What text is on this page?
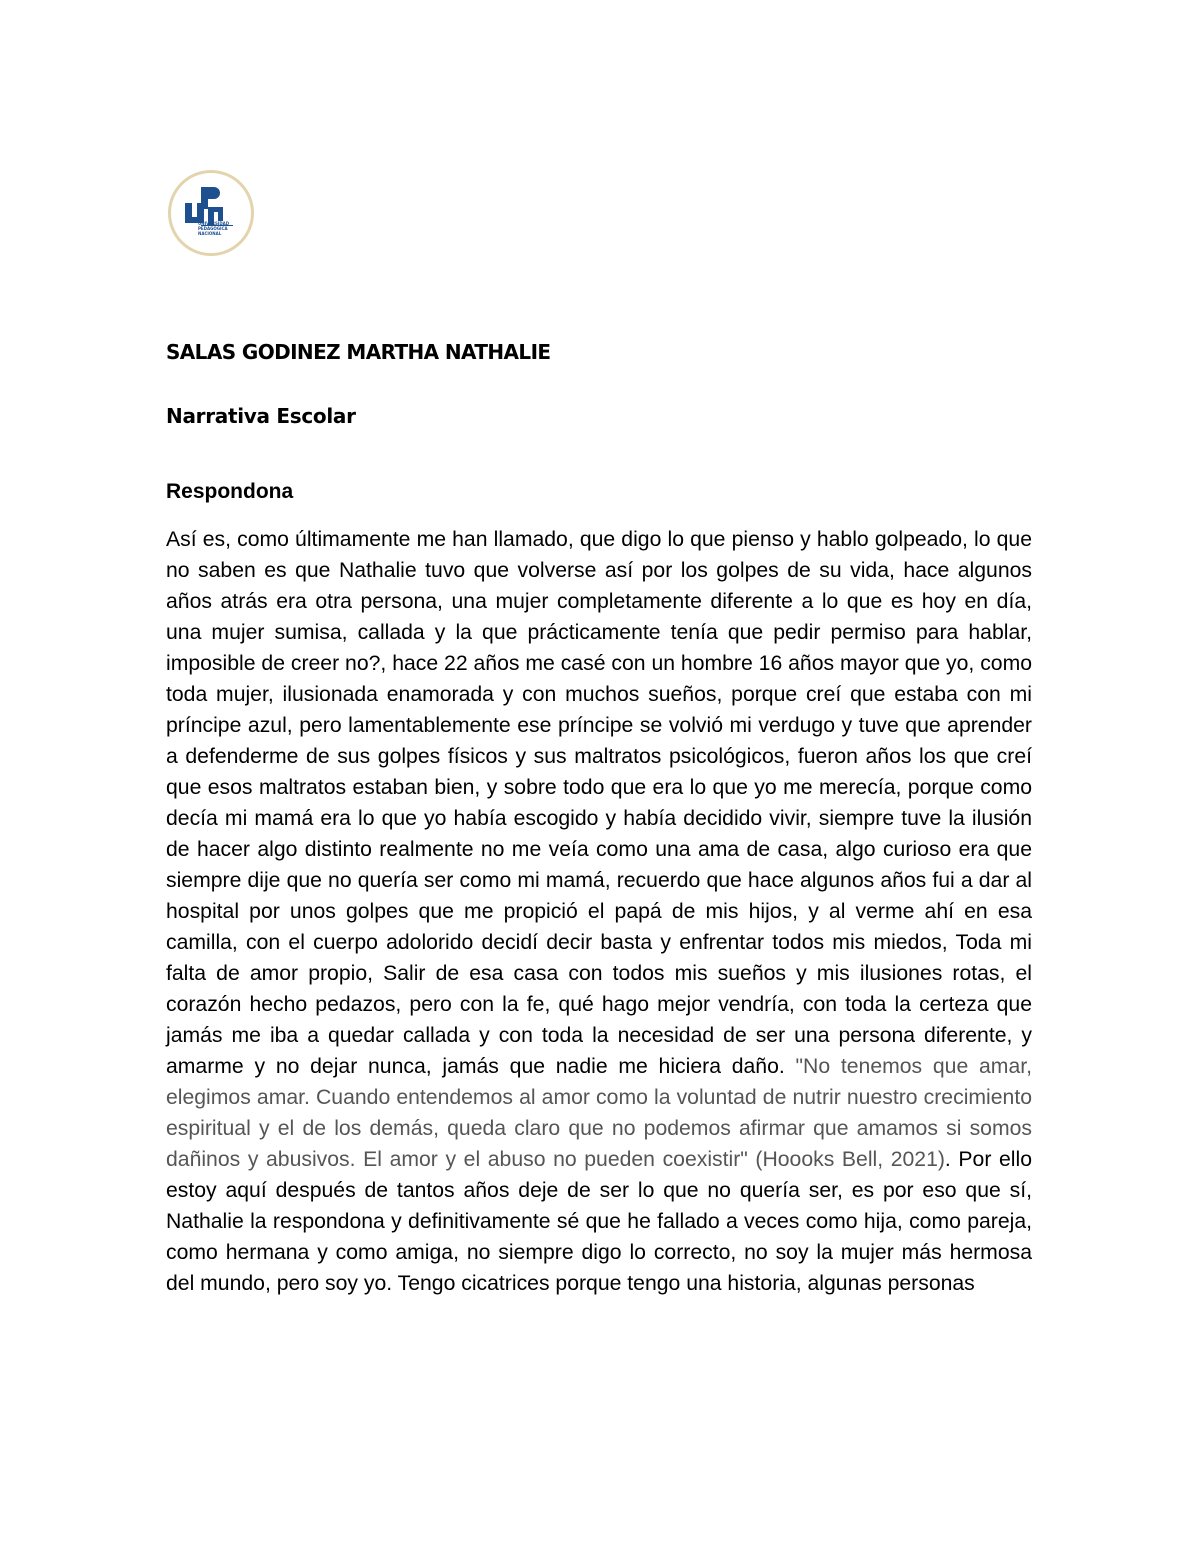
UNIVERSIDAD PEDAGÓGICA NACIONAL
SALAS GODINEZ MARTHA NATHALIE
Narrativa Escolar
Respondona

Así es, como últimamente me han llamado, que digo lo que pienso y hablo golpeado, lo que no saben es que Nathalie tuvo que volverse así por los golpes de su vida, hace algunos años atrás era otra persona, una mujer completamente diferente a lo que es hoy en día, una mujer sumisa, callada y la que prácticamente tenía que pedir permiso para hablar, imposible de creer no?, hace 22 años me casé con un hombre 16 años mayor que yo, como toda mujer, ilusionada enamorada y con muchos sueños, porque creí que estaba con mi príncipe azul, pero lamentablemente ese príncipe se volvió mi verdugo y tuve que aprender a defenderme de sus golpes físicos y sus maltratos psicológicos, fueron años los que creí que esos maltratos estaban bien, y sobre todo que era lo que yo me merecía, porque como decía mi mamá era lo que yo había escogido y había decidido vivir, siempre tuve la ilusión de hacer algo distinto realmente no me veía como una ama de casa, algo curioso era que siempre dije que no quería ser como mi mamá, recuerdo que hace algunos años fui a dar al hospital por unos golpes que me propició el papá de mis hijos, y al verme ahí en esa camilla, con el cuerpo adolorido decidí decir basta y enfrentar todos mis miedos, Toda mi falta de amor propio, Salir de esa casa con todos mis sueños y mis ilusiones rotas, el corazón hecho pedazos, pero con la fe, qué hago mejor vendría, con toda la certeza que jamás me iba a quedar callada y con toda la necesidad de ser una persona diferente, y amarme y no dejar nunca, jamás que nadie me hiciera daño. "No tenemos que amar, elegimos amar. Cuando entendemos al amor como la voluntad de nutrir nuestro crecimiento espiritual y el de los demás, queda claro que no podemos afirmar que amamos si somos dañinos y abusivos. El amor y el abuso no pueden coexistir" (Hoooks Bell, 2021). Por ello estoy aquí después de tantos años deje de ser lo que no quería ser, es por eso que sí, Nathalie la respondona y definitivamente sé que he fallado a veces como hija, como pareja, como hermana y como amiga, no siempre digo lo correcto, no soy la mujer más hermosa del mundo, pero soy yo. Tengo cicatrices porque tengo una historia, algunas personas
